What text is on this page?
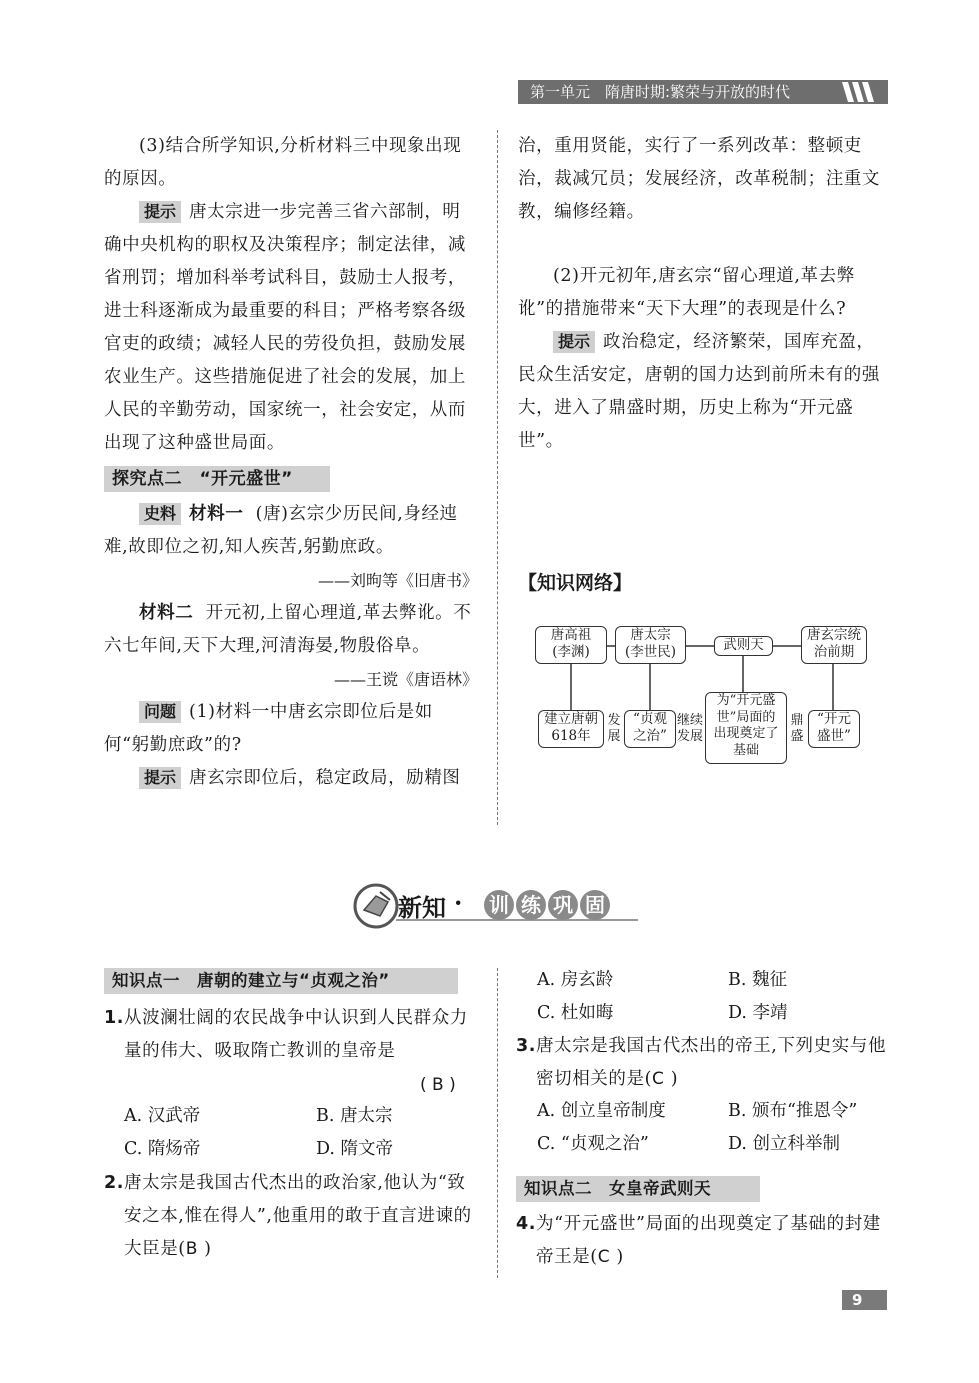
第一单元　隋唐时期:繁荣与开放的时代

(3)结合所学知识,分析材料三中现象出现的原因。

提示 唐太宗进一步完善三省六部制，明确中央机构的职权及决策程序；制定法律，减省刑罚；增加科举考试科目，鼓励士人报考，进士科逐渐成为最重要的科目；严格考察各级官吏的政绩；减轻人民的劳役负担，鼓励发展农业生产。这些措施促进了社会的发展，加上人民的辛勤劳动，国家统一，社会安定，从而出现了这种盛世局面。

探究点二　“开元盛世”

史料 材料一 (唐)玄宗少历民间,身经迍难,故即位之初,知人疾苦,躬勤庶政。

——刘昫等《旧唐书》

材料二 开元初,上留心理道,革去弊讹。不六七年间,天下大理,河清海晏,物殷俗阜。

——王谠《唐语林》

问题 (1)材料一中唐玄宗即位后是如何“躬勤庶政”的?

提示 唐玄宗即位后，稳定政局，励精图

治，重用贤能，实行了一系列改革：整顿吏治，裁减冗员；发展经济，改革税制；注重文教，编修经籍。

(2)开元初年,唐玄宗“留心理道,革去弊讹”的措施带来“天下大理”的表现是什么?

提示 政治稳定，经济繁荣，国库充盈，民众生活安定，唐朝的国力达到前所未有的强大，进入了鼎盛时期，历史上称为“开元盛世”。

【知识网络】
唐高祖
(李渊)
唐太宗
(李世民)	武则天
唐玄宗统
治前期
建立唐朝
618年
发
展
“贞观
之治”
继续
发展
为“开元盛
世”局面的
出现奠定了
基础
鼎
盛
“开元
盛世”
新知 · 训 练 巩 固
知识点一　唐朝的建立与“贞观之治”
1. 从波澜壮阔的农民战争中认识到人民群众力量的伟大、吸取隋亡教训的皇帝是
( B )
A. 汉武帝	B. 唐太宗
C. 隋炀帝	D. 隋文帝
2. 唐太宗是我国古代杰出的政治家,他认为“致安之本,惟在得人”,他重用的敢于直言进谏的大臣是(B )
A. 房玄龄	B. 魏征
C. 杜如晦	D. 李靖
3. 唐太宗是我国古代杰出的帝王,下列史实与他密切相关的是(C )
A. 创立皇帝制度	B. 颁布“推恩令”
C. “贞观之治”	D. 创立科举制
知识点二　女皇帝武则天
4. 为“开元盛世”局面的出现奠定了基础的封建帝王是(C )
9
